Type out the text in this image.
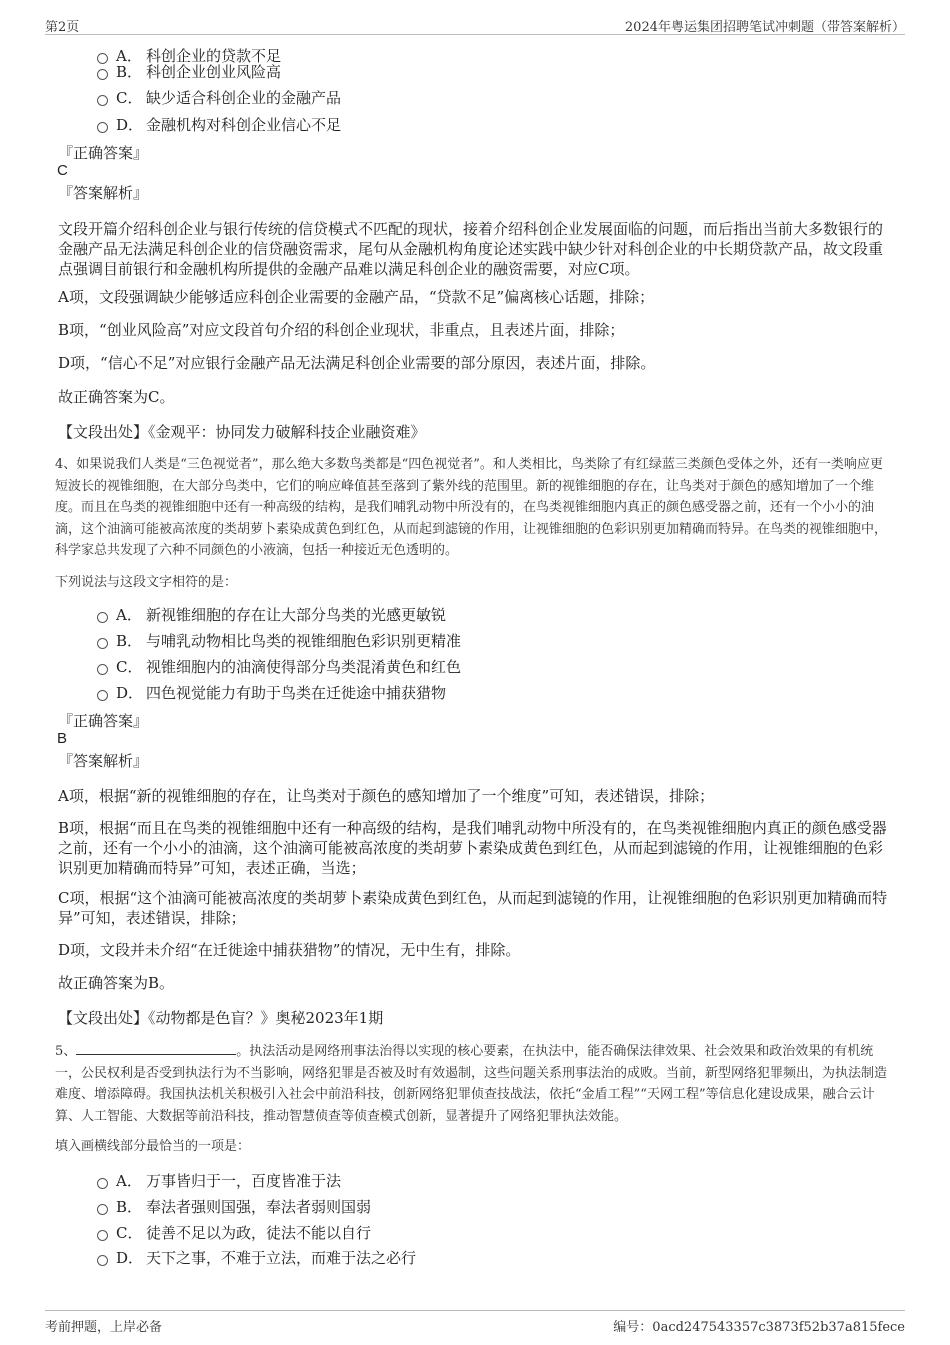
第2页	2024年粤运集团招聘笔试冲刺题（带答案解析）
A． 科创企业的贷款不足
B． 科创企业创业风险高
C． 缺少适合科创企业的金融产品
D． 金融机构对科创企业信心不足
『正确答案』
C
『答案解析』
文段开篇介绍科创企业与银行传统的信贷模式不匹配的现状，接着介绍科创企业发展面临的问题，而后指出当前大多数银行的金融产品无法满足科创企业的信贷融资需求，尾句从金融机构角度论述实践中缺少针对科创企业的中长期贷款产品，故文段重点强调目前银行和金融机构所提供的金融产品难以满足科创企业的融资需要，对应C项。
A项，文段强调缺少能够适应科创企业需要的金融产品，“贷款不足”偏离核心话题，排除；
B项，“创业风险高”对应文段首句介绍的科创企业现状，非重点，且表述片面，排除；
D项，“信心不足”对应银行金融产品无法满足科创企业需要的部分原因，表述片面，排除。
故正确答案为C。
【文段出处】《金观平：协同发力破解科技企业融资难》
4、如果说我们人类是“三色视觉者”，那么绝大多数鸟类都是“四色视觉者”。和人类相比，鸟类除了有红绿蓝三类颜色受体之外，还有一类响应更短波长的视锥细胞，在大部分鸟类中，它们的响应峰值甚至落到了紫外线的范围里。新的视锥细胞的存在，让鸟类对于颜色的感知增加了一个维度。而且在鸟类的视锥细胞中还有一种高级的结构，是我们哺乳动物中所没有的，在鸟类视锥细胞内真正的颜色感受器之前，还有一个小小的油滴，这个油滴可能被高浓度的类胡萝卜素染成黄色到红色，从而起到滤镜的作用，让视锥细胞的色彩识别更加精确而特异。在鸟类的视锥细胞中，科学家总共发现了六种不同颜色的小液滴，包括一种接近无色透明的。
下列说法与这段文字相符的是：
A． 新视锥细胞的存在让大部分鸟类的光感更敏锐
B． 与哺乳动物相比鸟类的视锥细胞色彩识别更精准
C． 视锥细胞内的油滴使得部分鸟类混淆黄色和红色
D． 四色视觉能力有助于鸟类在迁徙途中捕获猎物
『正确答案』
B
『答案解析』
A项，根据“新的视锥细胞的存在，让鸟类对于颜色的感知增加了一个维度”可知，表述错误，排除；
B项，根据“而且在鸟类的视锥细胞中还有一种高级的结构，是我们哺乳动物中所没有的，在鸟类视锥细胞内真正的颜色感受器之前，还有一个小小的油滴，这个油滴可能被高浓度的类胡萝卜素染成黄色到红色，从而起到滤镜的作用，让视锥细胞的色彩识别更加精确而特异”可知，表述正确，当选；
C项，根据“这个油滴可能被高浓度的类胡萝卜素染成黄色到红色，从而起到滤镜的作用，让视锥细胞的色彩识别更加精确而特异”可知，表述错误，排除；
D项，文段并未介绍“在迁徙途中捕获猎物”的情况，无中生有，排除。
故正确答案为B。
【文段出处】《动物都是色盲？》奥秘2023年1期
5、	。执法活动是网络刑事法治得以实现的核心要素，在执法中，能否确保法律效果、社会效果和政治效果的有机统一，公民权利是否受到执法行为不当影响，网络犯罪是否被及时有效遏制，这些问题关系刑事法治的成败。当前，新型网络犯罪频出，为执法制造难度、增添障碍。我国执法机关积极引入社会中前沿科技，创新网络犯罪侦查技战法，依托“金盾工程”“天网工程”等信息化建设成果，融合云计算、人工智能、大数据等前沿科技，推动智慧侦查等侦查模式创新，显著提升了网络犯罪执法效能。
填入画横线部分最恰当的一项是：
A． 万事皆归于一，百度皆准于法
B． 奉法者强则国强，奉法者弱则国弱
C． 徒善不足以为政，徒法不能以自行
D． 天下之事，不难于立法，而难于法之必行
考前押题，上岸必备	编号：0acd247543357c3873f52b37a815fece
